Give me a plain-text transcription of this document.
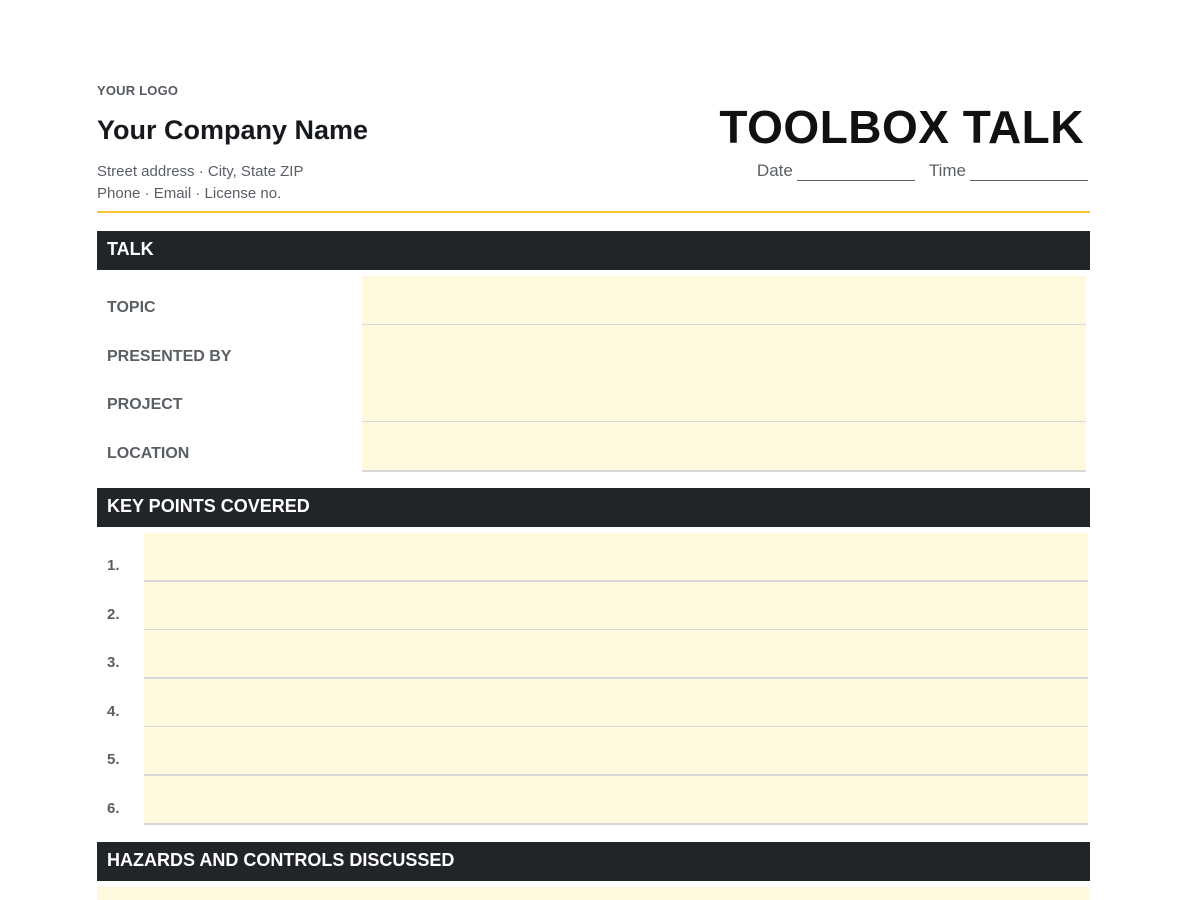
YOUR LOGO
Your Company Name
Street address · City, State ZIP
Phone · Email · License no.
TOOLBOX TALK
Date	Time
TALK
TOPIC
PRESENTED BY
PROJECT
LOCATION
KEY POINTS COVERED
1.
2.
3.
4.
5.
6.
HAZARDS AND CONTROLS DISCUSSED
